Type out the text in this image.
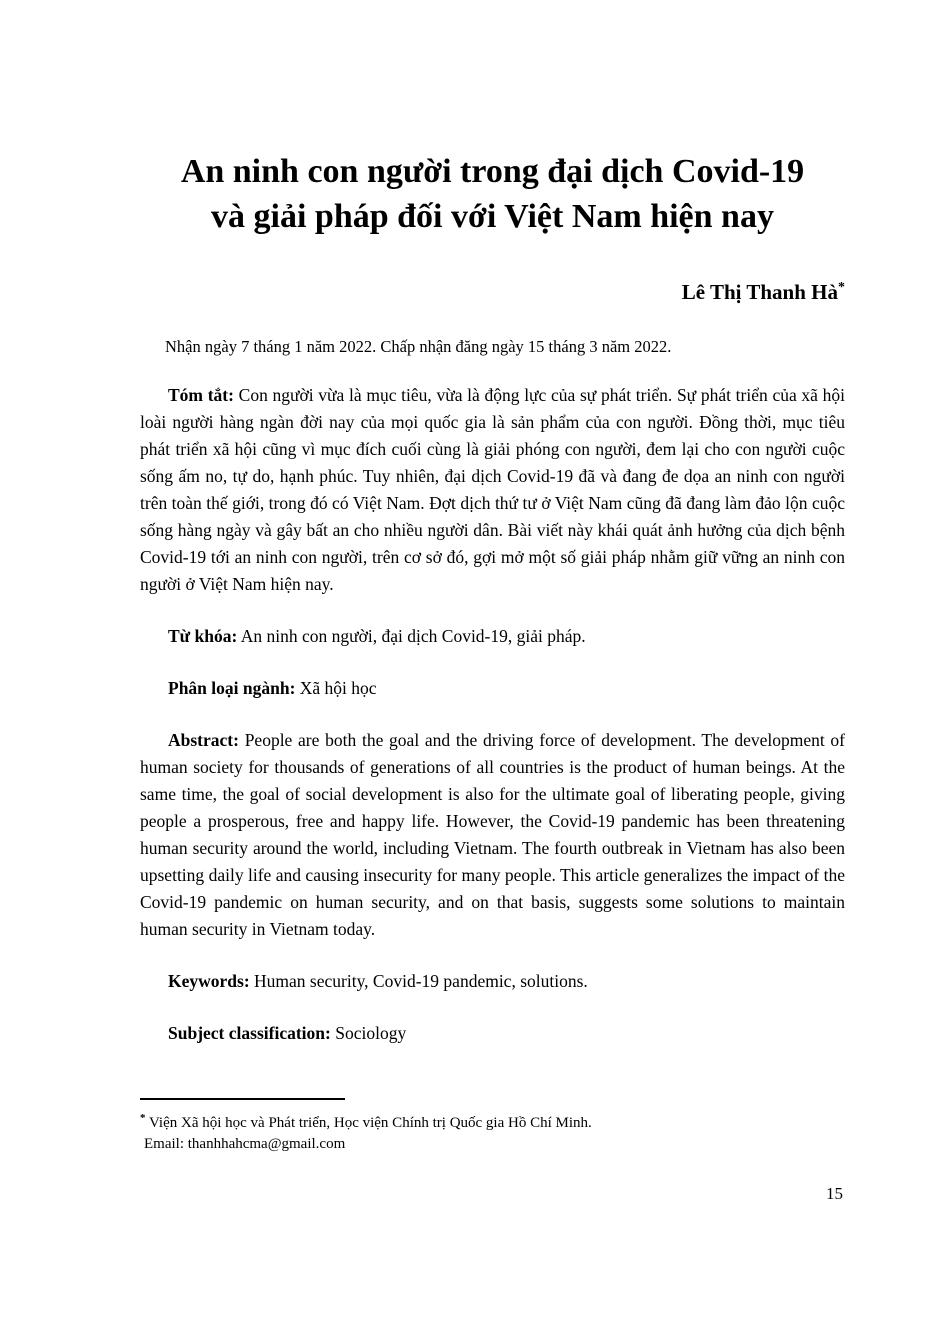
An ninh con người trong đại dịch Covid-19
và giải pháp đối với Việt Nam hiện nay
Lê Thị Thanh Hà*

Nhận ngày 7 tháng 1 năm 2022. Chấp nhận đăng ngày 15 tháng 3 năm 2022.

Tóm tắt: Con người vừa là mục tiêu, vừa là động lực của sự phát triển. Sự phát triển của xã hội loài người hàng ngàn đời nay của mọi quốc gia là sản phẩm của con người. Đồng thời, mục tiêu phát triển xã hội cũng vì mục đích cuối cùng là giải phóng con người, đem lại cho con người cuộc sống ấm no, tự do, hạnh phúc. Tuy nhiên, đại dịch Covid-19 đã và đang đe dọa an ninh con người trên toàn thế giới, trong đó có Việt Nam. Đợt dịch thứ tư ở Việt Nam cũng đã đang làm đảo lộn cuộc sống hàng ngày và gây bất an cho nhiều người dân. Bài viết này khái quát ảnh hưởng của dịch bệnh Covid-19 tới an ninh con người, trên cơ sở đó, gợi mở một số giải pháp nhằm giữ vững an ninh con người ở Việt Nam hiện nay.

Từ khóa: An ninh con người, đại dịch Covid-19, giải pháp.

Phân loại ngành: Xã hội học

Abstract: People are both the goal and the driving force of development. The development of human society for thousands of generations of all countries is the product of human beings. At the same time, the goal of social development is also for the ultimate goal of liberating people, giving people a prosperous, free and happy life. However, the Covid-19 pandemic has been threatening human security around the world, including Vietnam. The fourth outbreak in Vietnam has also been upsetting daily life and causing insecurity for many people. This article generalizes the impact of the Covid-19 pandemic on human security, and on that basis, suggests some solutions to maintain human security in Vietnam today.

Keywords: Human security, Covid-19 pandemic, solutions.

Subject classification: Sociology

* Viện Xã hội học và Phát triển, Học viện Chính trị Quốc gia Hồ Chí Minh.
Email: thanhhahcma@gmail.com
15
